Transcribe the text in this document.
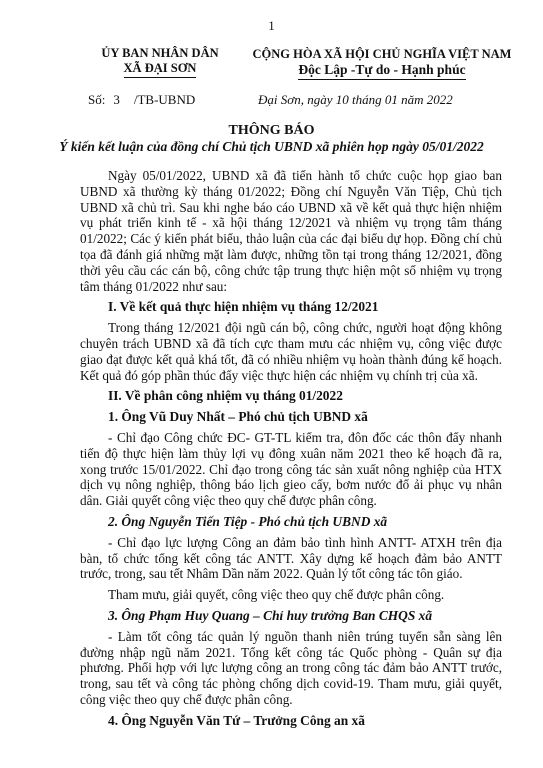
1
ỦY BAN NHÂN DÂN
XÃ ĐẠI SƠN
CỘNG HÒA XÃ HỘI CHỦ NGHĨA VIỆT NAM
Độc Lập -Tự do - Hạnh phúc
Số: 3 /TB-UBND	Đại Sơn, ngày 10 tháng 01 năm 2022
THÔNG BÁO
Ý kiến kết luận của đồng chí Chủ tịch UBND xã phiên họp ngày 05/01/2022

Ngày 05/01/2022, UBND xã đã tiến hành tổ chức cuộc họp giao ban UBND xã thường kỳ tháng 01/2022; Đồng chí Nguyễn Văn Tiệp, Chủ tịch UBND xã chủ trì. Sau khi nghe báo cáo UBND xã về kết quả thực hiện nhiệm vụ phát triển kinh tế - xã hội tháng 12/2021 và nhiệm vụ trọng tâm tháng 01/2022; Các ý kiến phát biểu, thảo luận của các đại biểu dự họp. Đồng chí chủ tọa đã đánh giá những mặt làm được, những tồn tại trong tháng 12/2021, đồng thời yêu cầu các cán bộ, công chức tập trung thực hiện một số nhiệm vụ trọng tâm tháng 01/2022 như sau:

I. Về kết quả thực hiện nhiệm vụ tháng 12/2021

Trong tháng 12/2021 đội ngũ cán bộ, công chức, người hoạt động không chuyên trách UBND xã đã tích cực tham mưu các nhiệm vụ, công việc được giao đạt được kết quả khá tốt, đã có nhiều nhiệm vụ hoàn thành đúng kế hoạch. Kết quả đó góp phần thúc đẩy việc thực hiện các nhiệm vụ chính trị của xã.

II. Về phân công nhiệm vụ tháng 01/2022
1. Ông Vũ Duy Nhất – Phó chủ tịch UBND xã

- Chỉ đạo Công chức ĐC- GT-TL kiểm tra, đôn đốc các thôn đẩy nhanh tiến độ thực hiện làm thủy lợi vụ đông xuân năm 2021 theo kế hoạch đã ra, xong trước 15/01/2022. Chỉ đạo trong công tác sản xuất nông nghiệp của HTX dịch vụ nông nghiệp, thông báo lịch gieo cấy, bơm nước đổ ải phục vụ nhân dân. Giải quyết công việc theo quy chế được phân công.

2. Ông Nguyễn Tiến Tiệp - Phó chủ tịch UBND xã

- Chỉ đạo lực lượng Công an đảm bảo tình hình ANTT- ATXH trên địa bàn, tổ chức tổng kết công tác ANTT. Xây dựng kế hoạch đảm bảo ANTT trước, trong, sau tết Nhâm Dần năm 2022. Quản lý tốt công tác tôn giáo.

Tham mưu, giải quyết, công việc theo quy chế được phân công.

3. Ông Phạm Huy Quang – Chỉ huy trưởng Ban CHQS xã

- Làm tốt công tác quản lý nguồn thanh niên trúng tuyển sẵn sàng lên đường nhập ngũ năm 2021. Tổng kết công tác Quốc phòng - Quân sự địa phương. Phối hợp với lực lượng công an trong công tác đảm bảo ANTT trước, trong, sau tết và công tác phòng chống dịch covid-19. Tham mưu, giải quyết, công việc theo quy chế được phân công.

4. Ông Nguyễn Văn Tứ – Trưởng Công an xã
